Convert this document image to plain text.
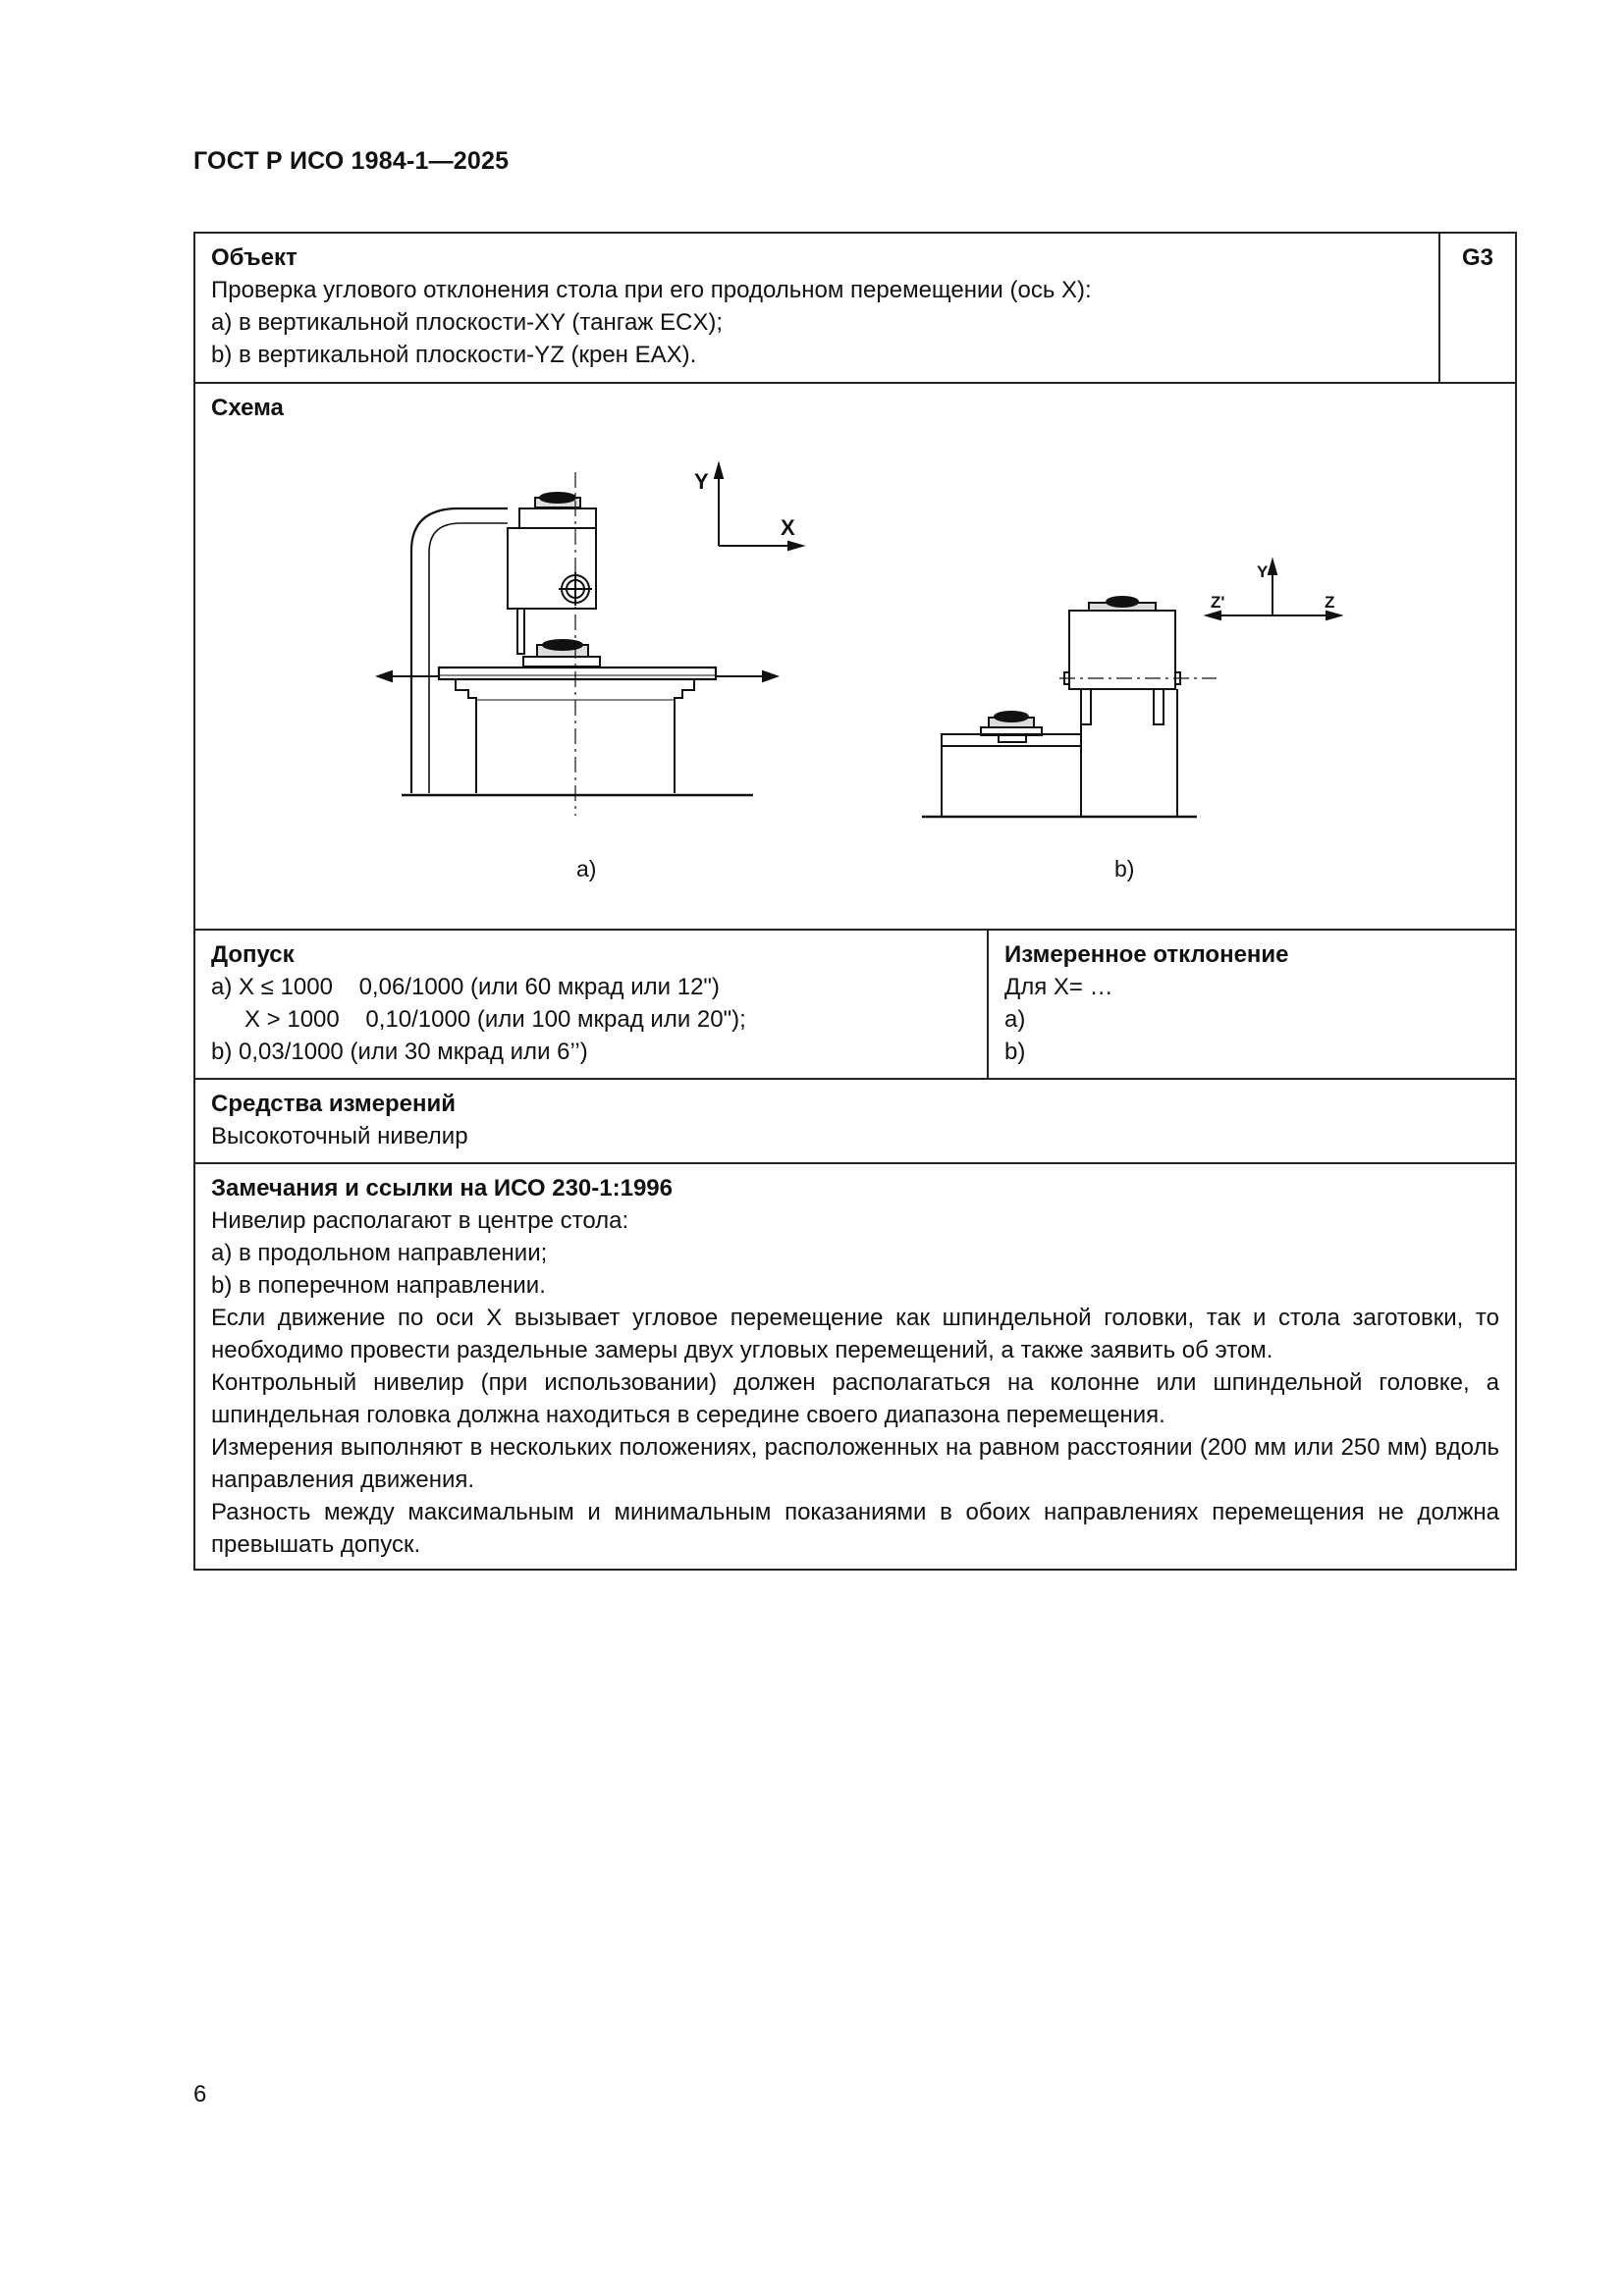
ГОСТ Р ИСО 1984-1—2025
Объект
Проверка углового отклонения стола при его продольном перемещении (ось X):
a) в вертикальной плоскости-XY (тангаж ECX);
b) в вертикальной плоскости-YZ (крен EAX).
G3
Y
X
Y
Z'	Z
a)	b)
Схема
Допуск
a) X ≤ 1000    0,06/1000 (или 60 мкрад или 12")
X > 1000    0,10/1000 (или 100 мкрад или 20");
b) 0,03/1000 (или 30 мкрад или 6’’)
Измеренное отклонение
Для X= …
a)
b)
Средства измерений
Высокоточный нивелир
Замечания и ссылки на ИСО 230-1:1996
Нивелир располагают в центре стола:
a) в продольном направлении;
b) в поперечном направлении.
Если движение по оси X вызывает угловое перемещение как шпиндельной головки, так и стола заготовки, то необходимо провести раздельные замеры двух угловых перемещений, а также заявить об этом.
Контрольный нивелир (при использовании) должен располагаться на колонне или шпиндельной головке, а шпиндельная головка должна находиться в середине своего диапазона перемещения.
Измерения выполняют в нескольких положениях, расположенных на равном расстоянии (200 мм или 250 мм) вдоль направления движения.
Разность между максимальным и минимальным показаниями в обоих направлениях перемещения не должна превышать допуск.
6
